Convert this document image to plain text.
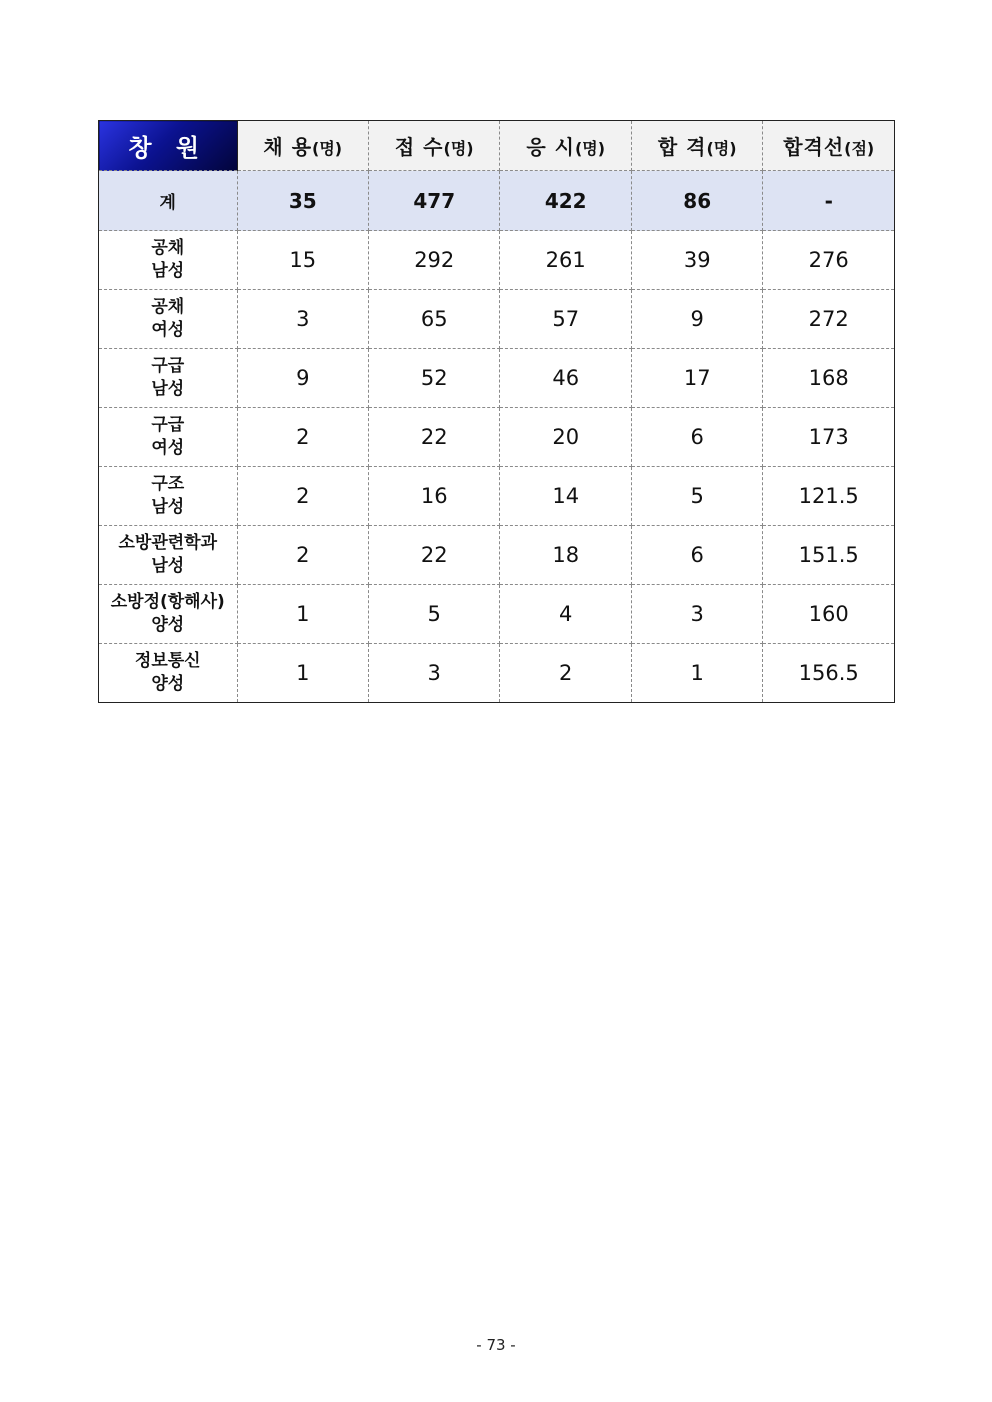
창 원	채 용(명)	접 수(명)	응 시(명)	합 격(명)	합격선(점)
계	35	477	422	86	-

공채
남성	15	292	261	39	276

공채
여성	3	65	57	9	272

구급
남성	9	52	46	17	168

구급
여성	2	22	20	6	173

구조
남성	2	16	14	5	121.5

소방관련학과
남성	2	22	18	6	151.5

소방정(항해사)
양성	1	5	4	3	160

정보통신
양성	1	3	2	1	156.5
- 73 -
